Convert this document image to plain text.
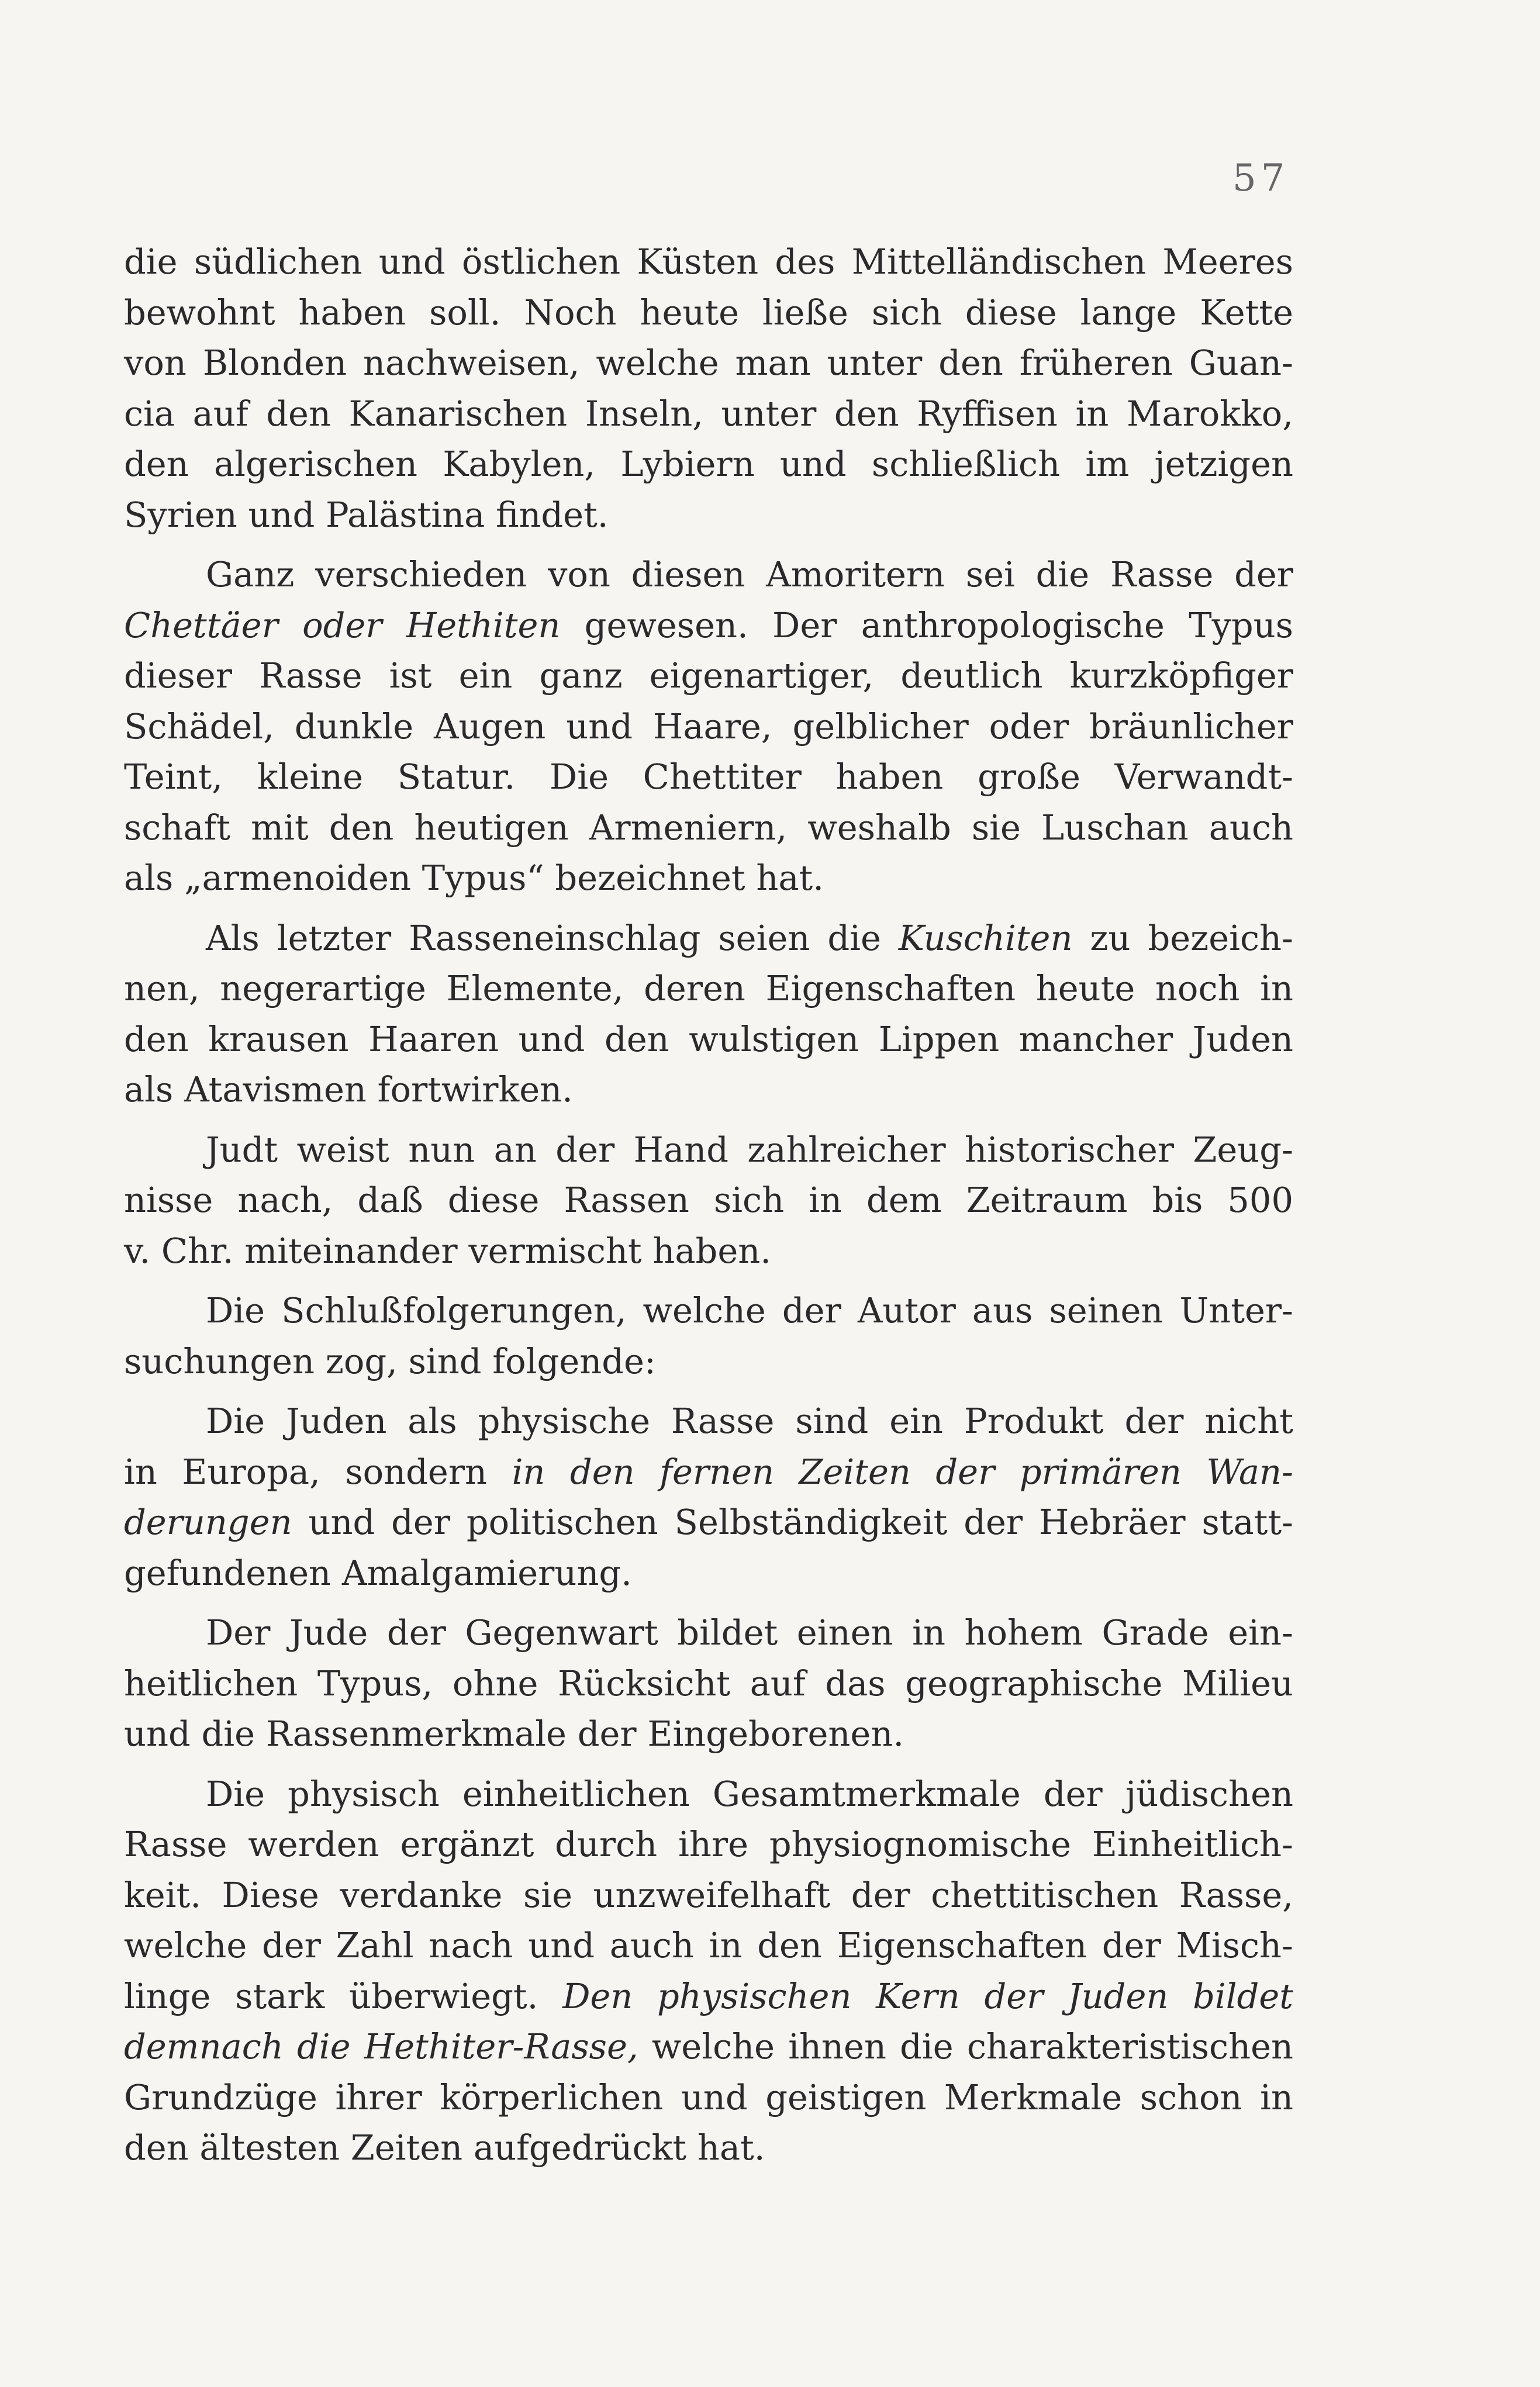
57
die südlichen und östlichen Küsten des Mittelländischen Meeres
bewohnt haben soll. Noch heute ließe sich diese lange Kette
von Blonden nachweisen, welche man unter den früheren Guan-
cia auf den Kanarischen Inseln, unter den Ryffisen in Marokko,
den algerischen Kabylen, Lybiern und schließlich im jetzigen
Syrien und Palästina findet.
Ganz verschieden von diesen Amoritern sei die Rasse der
Chettäer oder Hethiten gewesen. Der anthropologische Typus
dieser Rasse ist ein ganz eigenartiger, deutlich kurzköpfiger
Schädel, dunkle Augen und Haare, gelblicher oder bräunlicher
Teint, kleine Statur. Die Chettiter haben große Verwandt-
schaft mit den heutigen Armeniern, weshalb sie Luschan auch
als „armenoiden Typus“ bezeichnet hat.
Als letzter Rasseneinschlag seien die Kuschiten zu bezeich-
nen, negerartige Elemente, deren Eigenschaften heute noch in
den krausen Haaren und den wulstigen Lippen mancher Juden
als Atavismen fortwirken.
Judt weist nun an der Hand zahlreicher historischer Zeug-
nisse nach, daß diese Rassen sich in dem Zeitraum bis 500
v. Chr. miteinander vermischt haben.
Die Schlußfolgerungen, welche der Autor aus seinen Unter-
suchungen zog, sind folgende:
Die Juden als physische Rasse sind ein Produkt der nicht
in Europa, sondern in den fernen Zeiten der primären Wan-
derungen und der politischen Selbständigkeit der Hebräer statt-
gefundenen Amalgamierung.
Der Jude der Gegenwart bildet einen in hohem Grade ein-
heitlichen Typus, ohne Rücksicht auf das geographische Milieu
und die Rassenmerkmale der Eingeborenen.
Die physisch einheitlichen Gesamtmerkmale der jüdischen
Rasse werden ergänzt durch ihre physiognomische Einheitlich-
keit. Diese verdanke sie unzweifelhaft der chettitischen Rasse,
welche der Zahl nach und auch in den Eigenschaften der Misch-
linge stark überwiegt. Den physischen Kern der Juden bildet
demnach die Hethiter-Rasse, welche ihnen die charakteristischen
Grundzüge ihrer körperlichen und geistigen Merkmale schon in
den ältesten Zeiten aufgedrückt hat.
